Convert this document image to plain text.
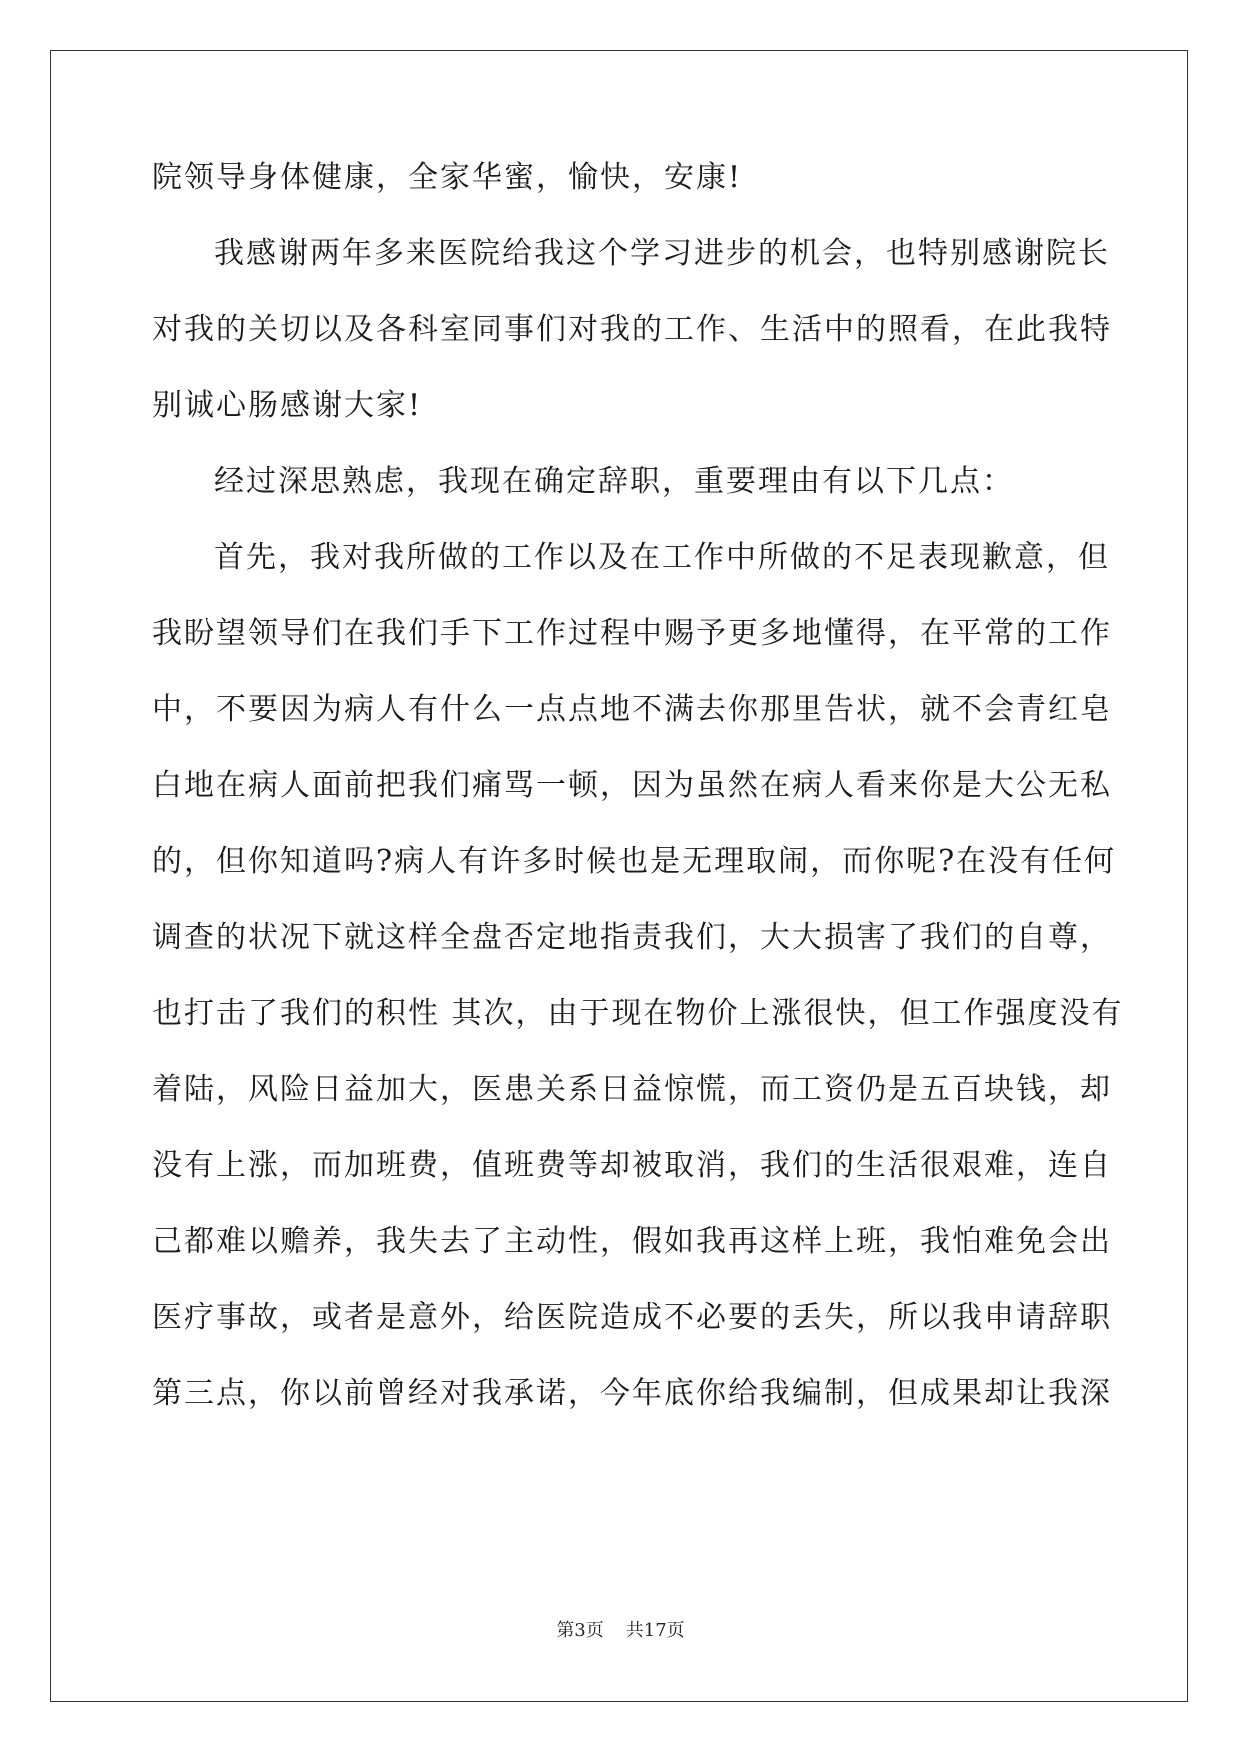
院领导身体健康，全家华蜜，愉快，安康!
我感谢两年多来医院给我这个学习进步的机会，也特别感谢院长
对我的关切以及各科室同事们对我的工作、生活中的照看，在此我特
别诚心肠感谢大家!
经过深思熟虑，我现在确定辞职，重要理由有以下几点：
首先，我对我所做的工作以及在工作中所做的不足表现歉意，但
我盼望领导们在我们手下工作过程中赐予更多地懂得，在平常的工作
中，不要因为病人有什么一点点地不满去你那里告状，就不会青红皂
白地在病人面前把我们痛骂一顿，因为虽然在病人看来你是大公无私
的，但你知道吗?病人有许多时候也是无理取闹，而你呢?在没有任何
调查的状况下就这样全盘否定地指责我们，大大损害了我们的自尊，
也打击了我们的积性 其次，由于现在物价上涨很快，但工作强度没有
着陆，风险日益加大，医患关系日益惊慌，而工资仍是五百块钱，却
没有上涨，而加班费，值班费等却被取消，我们的生活很艰难，连自
己都难以赡养，我失去了主动性，假如我再这样上班，我怕难免会出
医疗事故，或者是意外，给医院造成不必要的丢失，所以我申请辞职
第三点，你以前曾经对我承诺，今年底你给我编制，但成果却让我深
第3页 共17页
